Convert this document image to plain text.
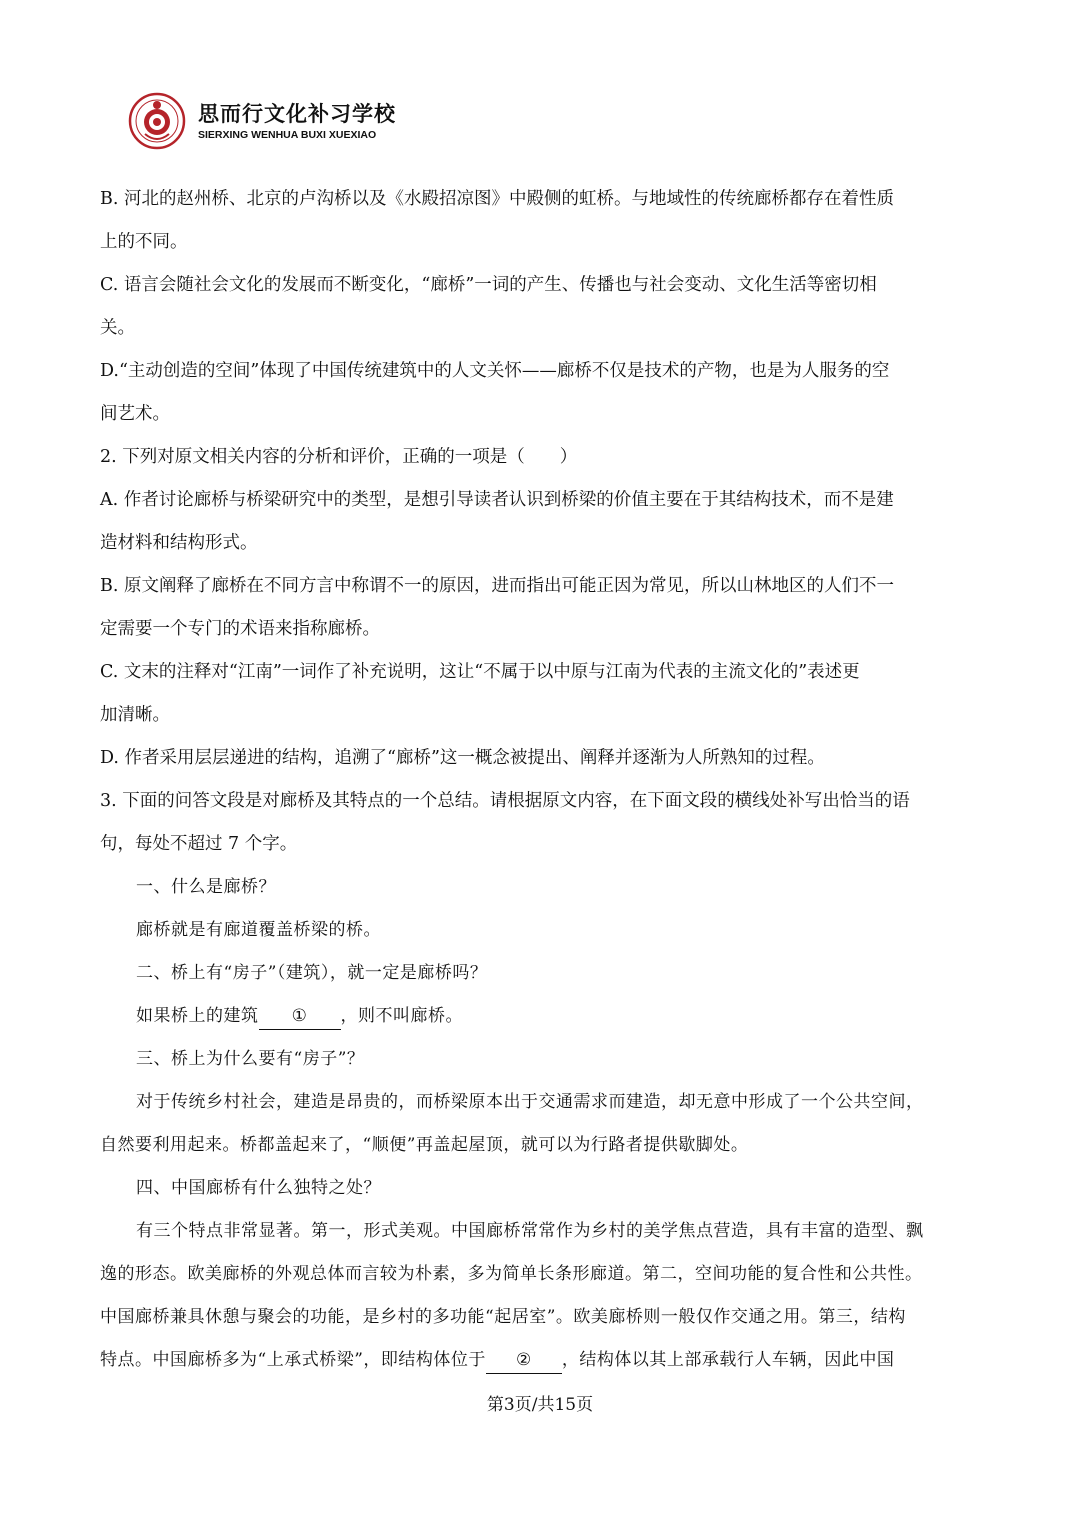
思而行文化补习学校
SIERXING WENHUA BUXI XUEXIAO

B. 河北的赵州桥、北京的卢沟桥以及《水殿招凉图》中殿侧的虹桥。与地域性的传统廊桥都存在着性质

上的不同。

C. 语言会随社会文化的发展而不断变化，“廊桥”一词的产生、传播也与社会变动、文化生活等密切相

关。

D.“主动创造的空间”体现了中国传统建筑中的人文关怀——廊桥不仅是技术的产物，也是为人服务的空

间艺术。

2. 下列对原文相关内容的分析和评价，正确的一项是（　　）

A. 作者讨论廊桥与桥梁研究中的类型，是想引导读者认识到桥梁的价值主要在于其结构技术，而不是建

造材料和结构形式。

B. 原文阐释了廊桥在不同方言中称谓不一的原因，进而指出可能正因为常见，所以山林地区的人们不一

定需要一个专门的术语来指称廊桥。

C. 文末的注释对“江南”一词作了补充说明，这让“不属于以中原与江南为代表的主流文化的”表述更

加清晰。

D. 作者采用层层递进的结构，追溯了“廊桥”这一概念被提出、阐释并逐渐为人所熟知的过程。

3. 下面的问答文段是对廊桥及其特点的一个总结。请根据原文内容，在下面文段的横线处补写出恰当的语

句，每处不超过 7 个字。

一、什么是廊桥？

廊桥就是有廊道覆盖桥梁的桥。

二、桥上有“房子”（建筑），就一定是廊桥吗？

如果桥上的建筑 ① ，则不叫廊桥。

三、桥上为什么要有“房子”？

对于传统乡村社会，建造是昂贵的，而桥梁原本出于交通需求而建造，却无意中形成了一个公共空间，

自然要利用起来。桥都盖起来了，“顺便”再盖起屋顶，就可以为行路者提供歇脚处。

四、中国廊桥有什么独特之处？

有三个特点非常显著。第一，形式美观。中国廊桥常常作为乡村的美学焦点营造，具有丰富的造型、飘

逸的形态。欧美廊桥的外观总体而言较为朴素，多为简单长条形廊道。第二，空间功能的复合性和公共性。

中国廊桥兼具休憩与聚会的功能，是乡村的多功能“起居室”。欧美廊桥则一般仅作交通之用。第三，结构

特点。中国廊桥多为“上承式桥梁”，即结构体位于 ② ，结构体以其上部承载行人车辆，因此中国

第3页/共15页
